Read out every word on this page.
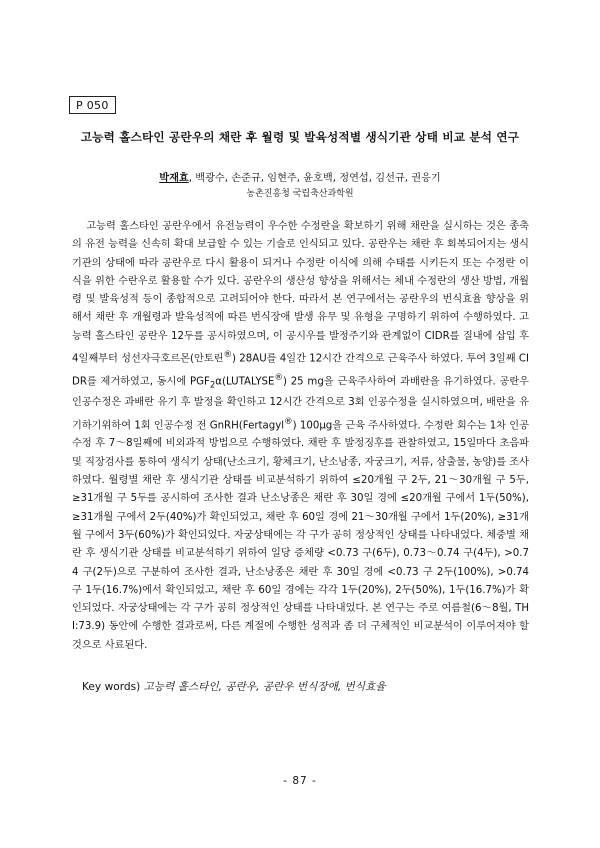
P 050
고능력 홀스타인 공란우의 채란 후 월령 및 발육성적별 생식기관 상태 비교 분석 연구
박재효, 백광수, 손준규, 임현주, 윤호백, 정연섭, 김선규, 권응기
농촌진흥청 국립축산과학원

고능력 홀스타인 공란우에서 유전능력이 우수한 수정란을 확보하기 위해 채란을 실시하는 것은 종축의 유전 능력을 신속히 확대 보급할 수 있는 기술로 인식되고 있다. 공란우는 채란 후 회복되어지는 생식기관의 상태에 따라 공란우로 다시 활용이 되거나 수정란 이식에 의해 수태를 시키든지 또는 수정란 이식을 위한 수란우로 활용할 수가 있다. 공란우의 생산성 향상을 위해서는 체내 수정란의 생산 방법, 개월령 및 발육성적 등이 종합적으로 고려되어야 한다. 따라서 본 연구에서는 공란우의 번식효율 향상을 위해서 채란 후 개월령과 발육성적에 따른 번식장애 발생 유무 및 유형을 구명하기 위하여 수행하였다. 고능력 홀스타인 공란우 12두를 공시하였으며, 이 공시우를 발정주기와 관계없이 CIDR를 질내에 삽입 후 4일째부터 성선자극호르몬(안토린®) 28AU를 4일간 12시간 간격으로 근육주사 하였다. 투여 3일째 CIDR를 제거하였고, 동시에 $PGF_2\alpha(LUTALYSE®)$ 25 mg을 근육주사하여 과배란을 유기하였다. 공란우 인공수정은 과배란 유기 후 발정을 확인하고 12시간 간격으로 3회 인공수정을 실시하였으며, 배란을 유기하기위하여 1회 인공수정 전 GnRH(Fertagyl®) 100μg을 근육 주사하였다. 수정란 회수는 1차 인공수정 후 7～8일째에 비외과적 방법으로 수행하였다. 채란 후 발정징후를 관찰하였고, 15일마다 초음파 및 직장검사를 통하여 생식기 상태(난소크기, 황체크기, 난소낭종, 자궁크기, 저류, 삼출물, 농양)를 조사하였다. 월령별 채란 후 생식기관 상태를 비교분석하기 위하여 ≤20개월 구 2두, 21～30개월 구 5두, ≥31개월 구 5두를 공시하여 조사한 결과 난소낭종은 채란 후 30일 경에 ≤20개월 구에서 1두(50%), ≥31개월 구에서 2두(40%)가 확인되었고, 채란 후 60일 경에 21～30개월 구에서 1두(20%), ≥31개월 구에서 3두(60%)가 확인되었다. 자궁상태에는 각 구가 공히 정상적인 상태를 나타내었다. 체중별 채란 후 생식기관 상태를 비교분석하기 위하여 일당 증체량 <0.73 구(6두), 0.73～0.74 구(4두), >0.74 구(2두)으로 구분하여 조사한 결과, 난소낭종은 채란 후 30일 경에 <0.73 구 2두(100%), >0.74 구 1두(16.7%)에서 확인되었고, 채란 후 60일 경에는 각각 1두(20%), 2두(50%), 1두(16.7%)가 확인되었다. 자궁상태에는 각 구가 공히 정상적인 상태를 나타내었다. 본 연구는 주로 여름철(6～8월, THI:73.9) 동안에 수행한 결과로써, 다른 계절에 수행한 성적과 좀 더 구체적인 비교분석이 이루어져야 할 것으로 사료된다.

Key words) 고능력 홀스타인, 공란우, 공란우 번식장애, 번식효율
- 87 -
